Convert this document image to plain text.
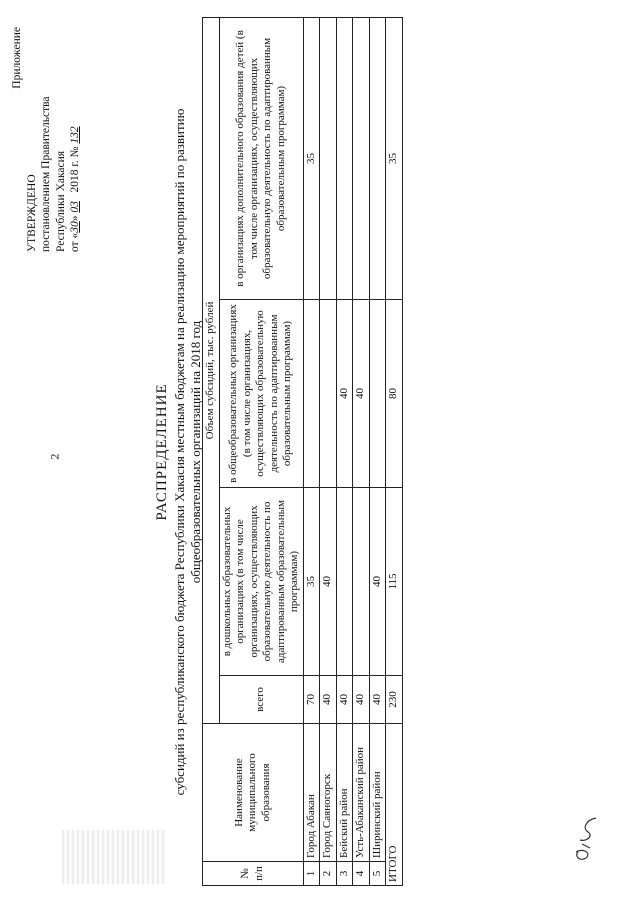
2
Приложение
УТВЕРЖДЕНО постановлением Правительства Республики Хакасия от «30» 03   2018 г. № 132
РАСПРЕДЕЛЕНИЕ субсидий из республиканского бюджета Республики Хакасия местным бюджетам на реализацию мероприятий по развитию общеобразовательных организаций на 2018 год
№ п/п	Наименование муниципального образования	Объем субсидий, тыс. рублей			
		всего	в дошкольных образовательных организациях (в том числе организациях, осуществляющих образовательную деятельность по адаптированным образовательным программам)	в общеобразовательных организациях (в том числе организациях, осуществляющих образовательную деятельность по адаптированным образовательным программам)	в организациях дополнительного образования детей (в том числе организациях, осуществляющих образовательную деятельность по адаптированным образовательным программам)
1	Город Абакан	70	35		35
2	Город Саяногорск	40	40		
3	Бейский район	40		40	
4	Усть-Абаканский район	40		40	
5	Ширинский район	40	40		
ИТОГО		230	115	80	35
